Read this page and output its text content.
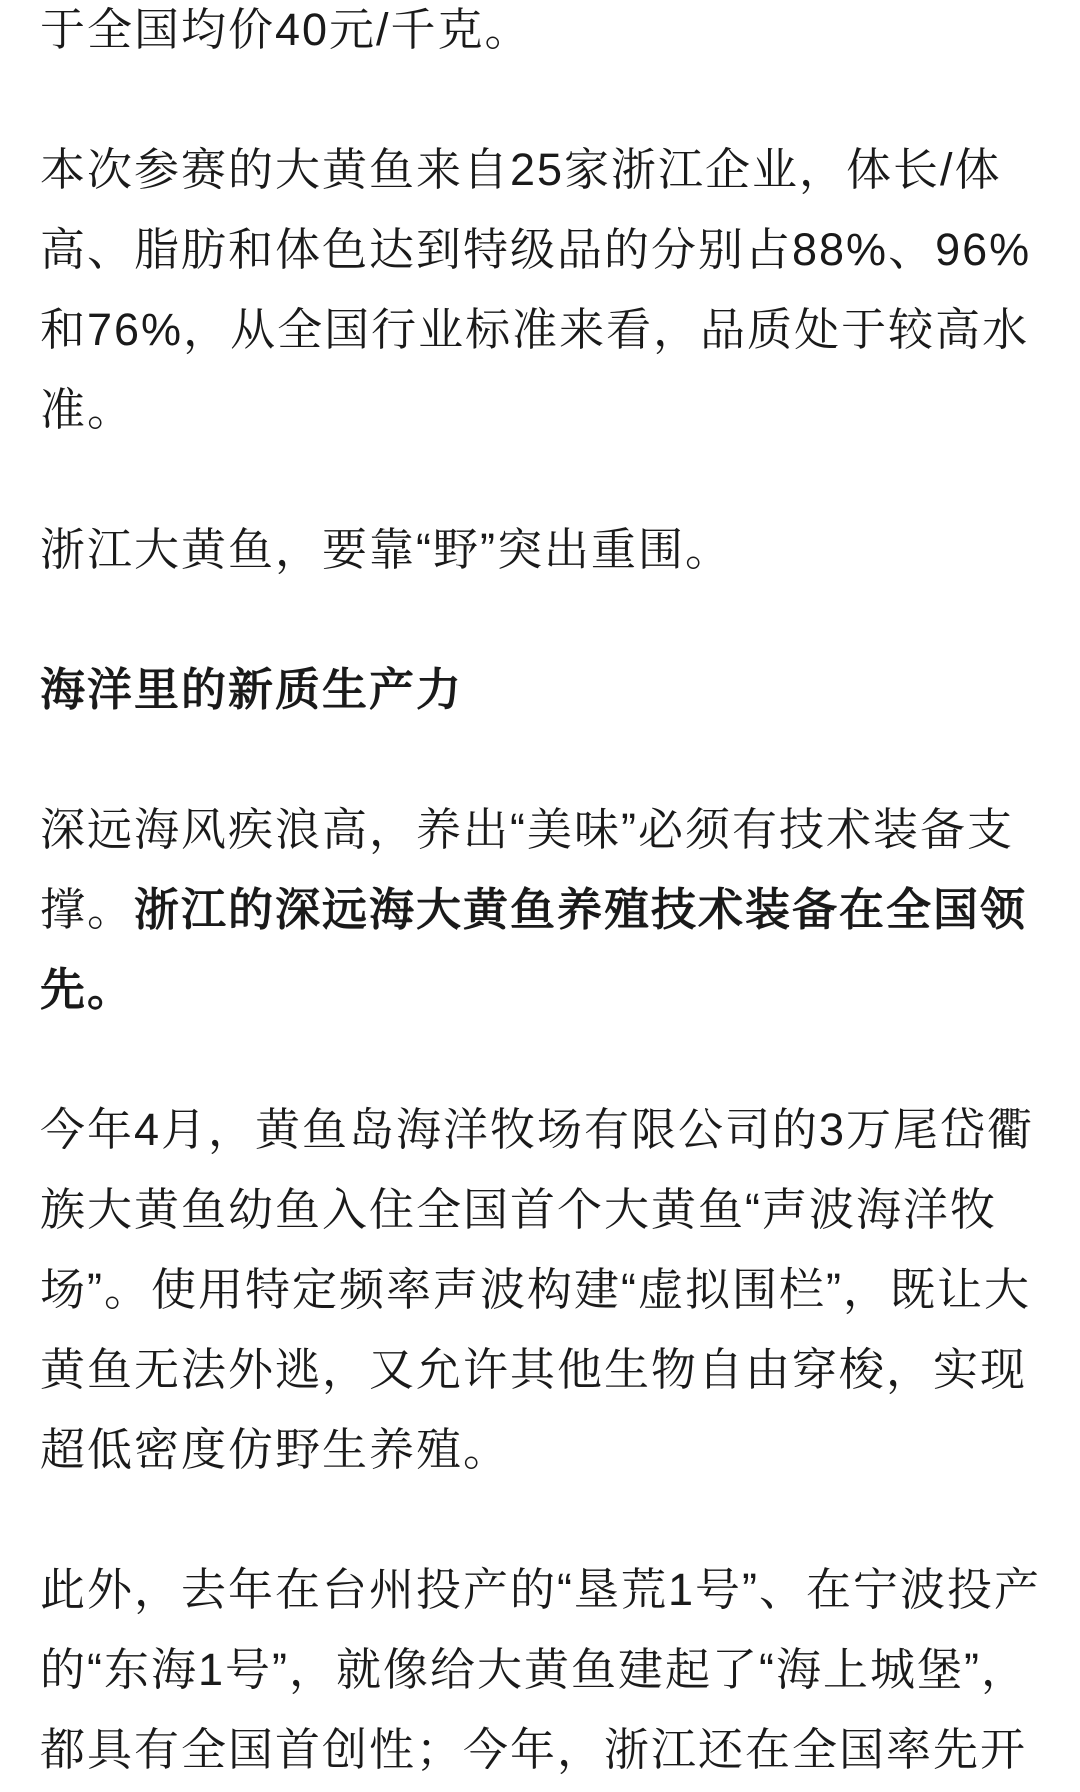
于全国均价40元/千克。

本次参赛的大黄鱼来自25家浙江企业，体长/体
高、脂肪和体色达到特级品的分别占88%、96%
和76%，从全国行业标准来看，品质处于较高水
准。

浙江大黄鱼，要靠“野”突出重围。

海洋里的新质生产力

深远海风疾浪高，养出“美味”必须有技术装备支
撑。浙江的深远海大黄鱼养殖技术装备在全国领
先。

今年4月，黄鱼岛海洋牧场有限公司的3万尾岱衢
族大黄鱼幼鱼入住全国首个大黄鱼“声波海洋牧
场”。使用特定频率声波构建“虚拟围栏”，既让大
黄鱼无法外逃，又允许其他生物自由穿梭，实现
超低密度仿野生养殖。

此外，去年在台州投产的“垦荒1号”、在宁波投产
的“东海1号”，就像给大黄鱼建起了“海上城堡”，
都具有全国首创性；今年，浙江还在全国率先开
